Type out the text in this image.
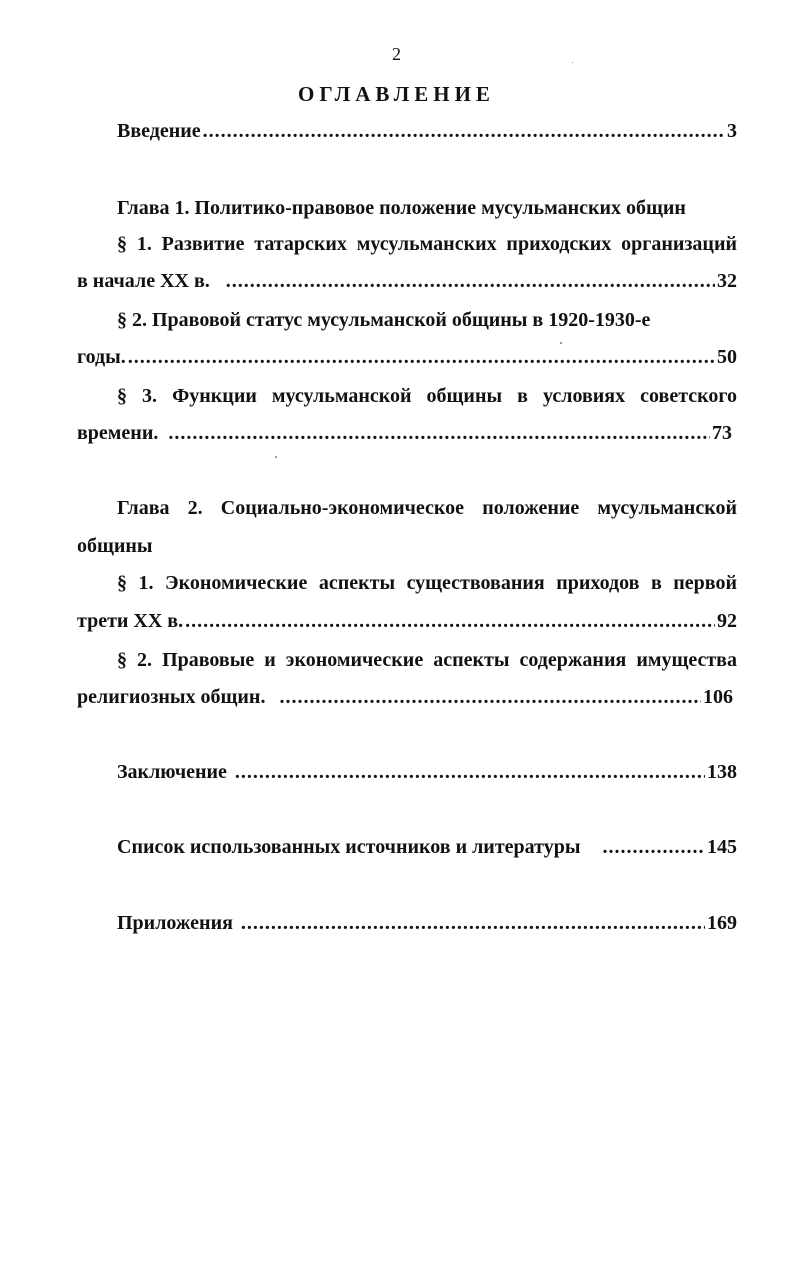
2
ОГЛАВЛЕНИЕ
Введение .....	3
Глава 1. Политико-правовое положение мусульманских общин
§ 1. Развитие татарских мусульманских приходских организаций
в начале XX в. .....	32
§ 2. Правовой статус мусульманской общины в 1920-1930-е
годы. .....	50
§ 3. Функции мусульманской общины в условиях советского
времени. .....	73
Глава 2. Социально-экономическое положение мусульманской
общины
§ 1. Экономические аспекты существования приходов в первой
трети XX в. .....	92
§ 2. Правовые и экономические аспекты содержания имущества
религиозных общин. .....	106
Заключение .....	138
Список использованных источников и литературы .....	145
Приложения .....	169
